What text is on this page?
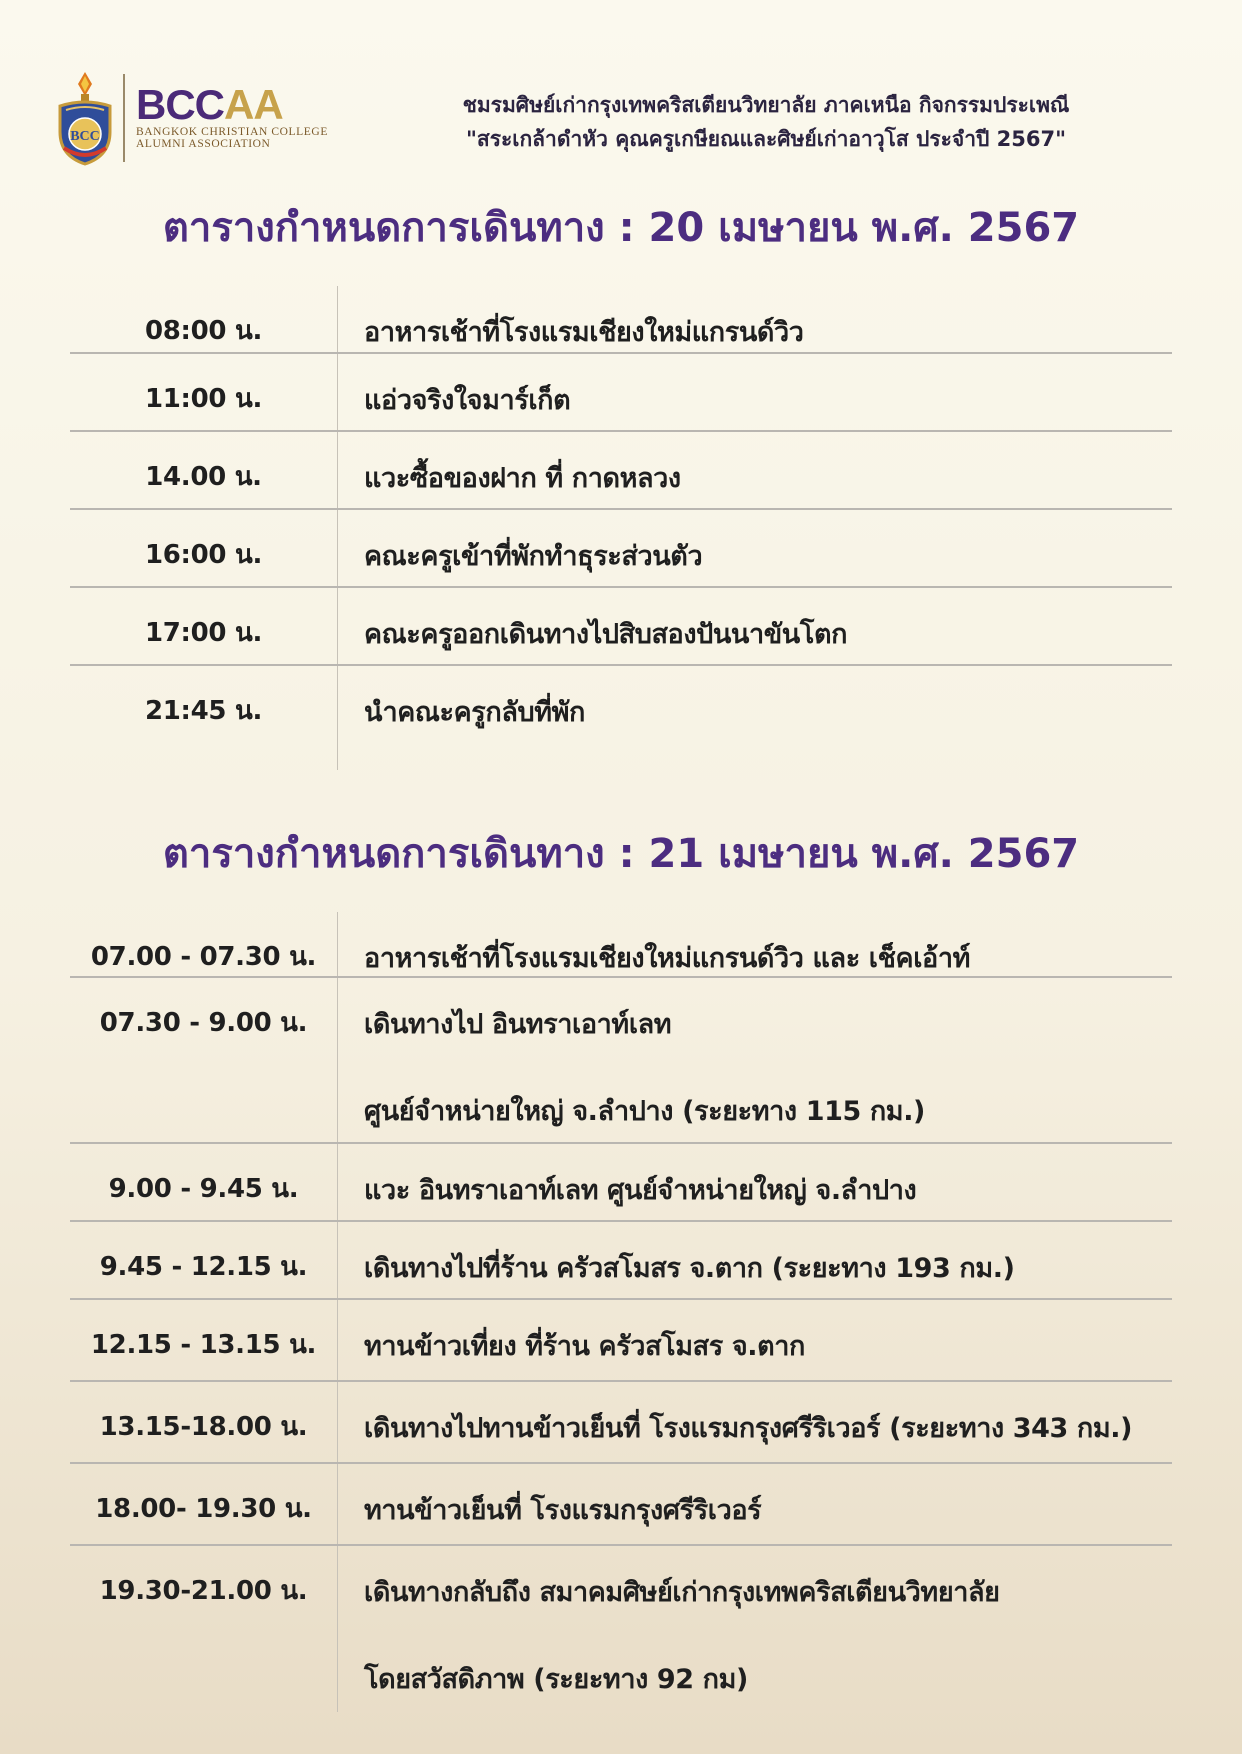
BCC
BCCAA
BANGKOK CHRISTIAN COLLEGE
ALUMNI ASSOCIATION
ชมรมศิษย์เก่ากรุงเทพคริสเตียนวิทยาลัย ภาคเหนือ กิจกรรมประเพณี
"สระเกล้าดำหัว คุณครูเกษียณและศิษย์เก่าอาวุโส ประจำปี 2567"
ตารางกำหนดการเดินทาง : 20 เมษายน พ.ศ. 2567
08:00 น.	อาหารเช้าที่โรงแรมเชียงใหม่แกรนด์วิว
11:00 น.	แอ่วจริงใจมาร์เก็ต
14.00 น.	แวะซื้อของฝาก ที่ กาดหลวง
16:00 น.	คณะครูเข้าที่พักทำธุระส่วนตัว
17:00 น.	คณะครูออกเดินทางไปสิบสองปันนาขันโตก
21:45 น.	นำคณะครูกลับที่พัก
ตารางกำหนดการเดินทาง : 21 เมษายน พ.ศ. 2567
07.00 - 07.30 น.	อาหารเช้าที่โรงแรมเชียงใหม่แกรนด์วิว และ เช็คเอ้าท์
07.30 - 9.00 น.	เดินทางไป อินทราเอาท์เลท
ศูนย์จำหน่ายใหญ่ จ.ลำปาง (ระยะทาง 115 กม.)
9.00 - 9.45 น.	แวะ อินทราเอาท์เลท ศูนย์จำหน่ายใหญ่ จ.ลำปาง
9.45 - 12.15 น.	เดินทางไปที่ร้าน ครัวสโมสร จ.ตาก (ระยะทาง 193 กม.)
12.15 - 13.15 น.	ทานข้าวเที่ยง ที่ร้าน ครัวสโมสร จ.ตาก
13.15-18.00 น.	เดินทางไปทานข้าวเย็นที่ โรงแรมกรุงศรีริเวอร์ (ระยะทาง 343 กม.)
18.00- 19.30 น.	ทานข้าวเย็นที่ โรงแรมกรุงศรีริเวอร์
19.30-21.00 น.	เดินทางกลับถึง สมาคมศิษย์เก่ากรุงเทพคริสเตียนวิทยาลัย
โดยสวัสดิภาพ (ระยะทาง 92 กม)
